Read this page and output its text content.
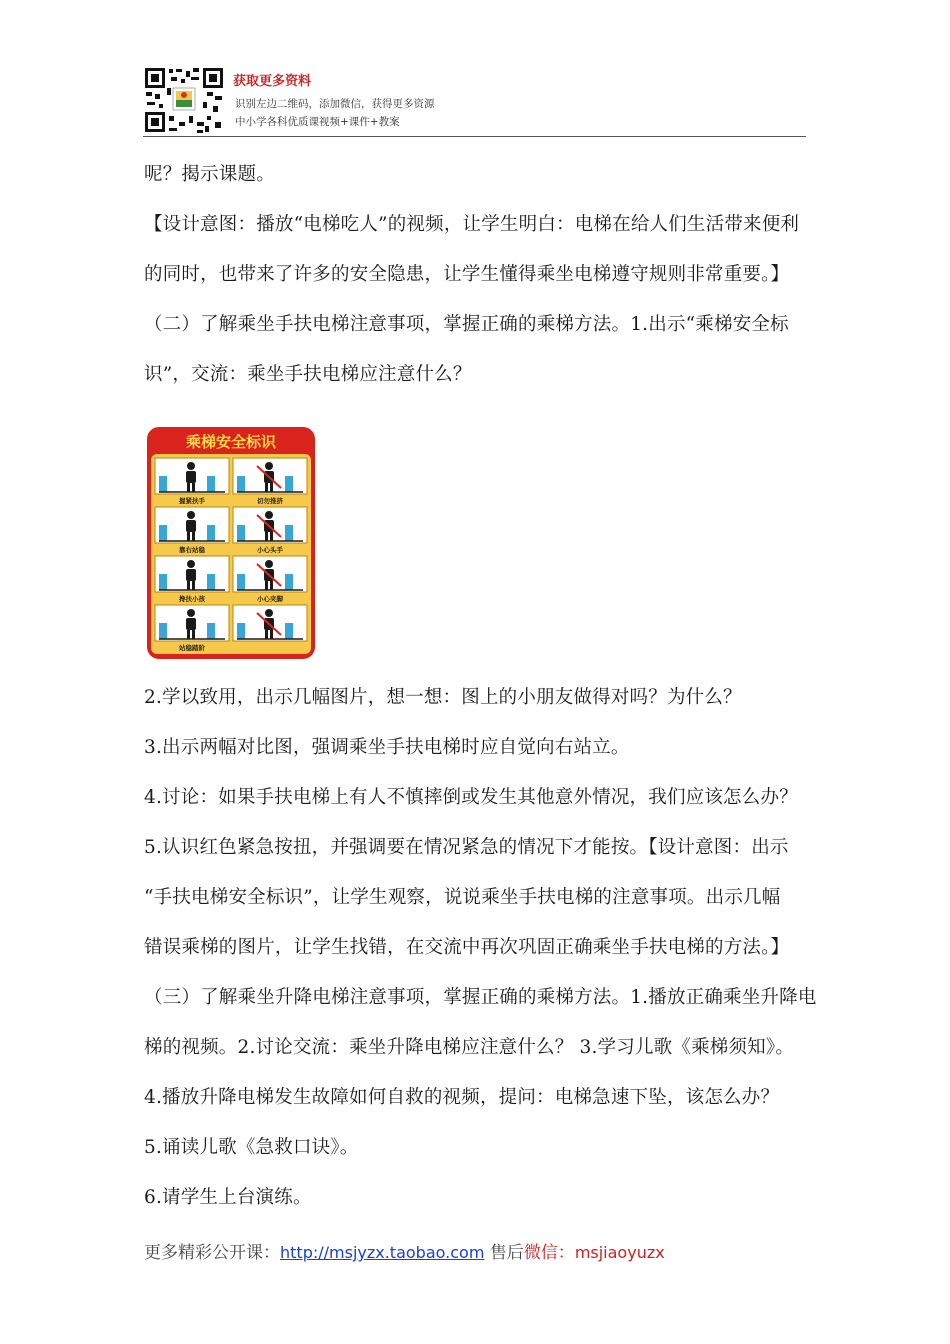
获取更多资料
识别左边二维码，添加微信，获得更多资源
中小学各科优质课视频+课件+教案
呢？揭示课题。
【设计意图：播放“电梯吃人”的视频，让学生明白：电梯在给人们生活带来便利
的同时，也带来了许多的安全隐患，让学生懂得乘坐电梯遵守规则非常重要。】
（二）了解乘坐手扶电梯注意事项，掌握正确的乘梯方法。1.出示“乘梯安全标
识”，交流：乘坐手扶电梯应注意什么？
乘梯安全标识
握紧扶手	切勿推挤
靠右站稳	小心头手
搀扶小孩	小心夹脚
站稳踏阶
2.学以致用，出示几幅图片，想一想：图上的小朋友做得对吗？为什么？
3.出示两幅对比图，强调乘坐手扶电梯时应自觉向右站立。
4.讨论：如果手扶电梯上有人不慎摔倒或发生其他意外情况，我们应该怎么办？
5.认识红色紧急按扭，并强调要在情况紧急的情况下才能按。【设计意图：出示
“手扶电梯安全标识”，让学生观察，说说乘坐手扶电梯的注意事项。出示几幅
错误乘梯的图片，让学生找错，在交流中再次巩固正确乘坐手扶电梯的方法。】
（三）了解乘坐升降电梯注意事项，掌握正确的乘梯方法。1.播放正确乘坐升降电
梯的视频。2.讨论交流：乘坐升降电梯应注意什么？ 3.学习儿歌《乘梯须知》。
4.播放升降电梯发生故障如何自救的视频，提问：电梯急速下坠，该怎么办？
5.诵读儿歌《急救口诀》。
6.请学生上台演练。
更多精彩公开课：http://msjyzx.taobao.com 售后微信：msjiaoyuzx
